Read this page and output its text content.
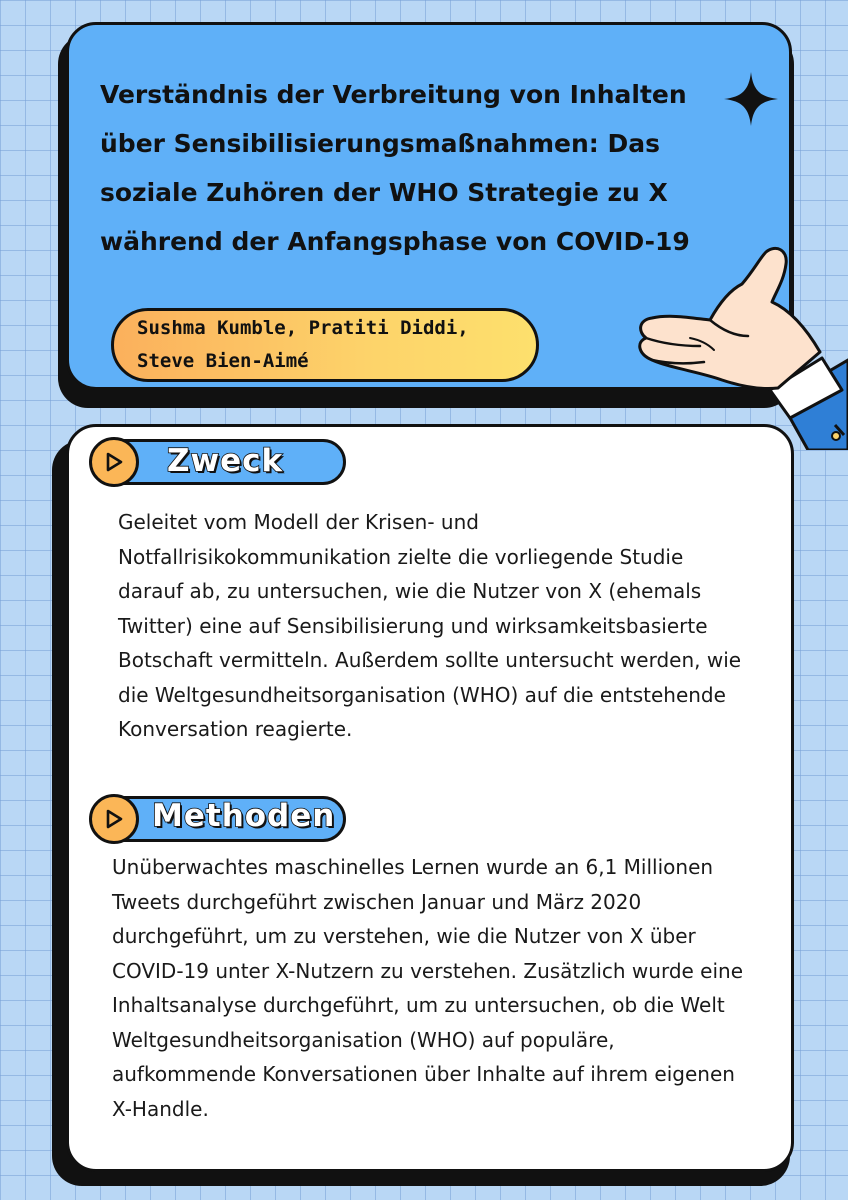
Verständnis der Verbreitung von Inhalten über Sensibilisierungsmaßnahmen: Das soziale Zuhören der WHO Strategie zu X während der Anfangsphase von COVID-19

Sushma Kumble, Pratiti Diddi, Steve Bien-Aimé

Zweck

Geleitet vom Modell der Krisen- und Notfallrisikokommunikation zielte die vorliegende Studie darauf ab, zu untersuchen, wie die Nutzer von X (ehemals Twitter) eine auf Sensibilisierung und wirksamkeitsbasierte Botschaft vermitteln. Außerdem sollte untersucht werden, wie die Weltgesundheitsorganisation (WHO) auf die entstehende Konversation reagierte.

Methoden

Unüberwachtes maschinelles Lernen wurde an 6,1 Millionen Tweets durchgeführt zwischen Januar und März 2020 durchgeführt, um zu verstehen, wie die Nutzer von X über COVID-19 unter X-Nutzern zu verstehen. Zusätzlich wurde eine Inhaltsanalyse durchgeführt, um zu untersuchen, ob die Welt Weltgesundheitsorganisation (WHO) auf populäre, aufkommende Konversationen über Inhalte auf ihrem eigenen X-Handle.
